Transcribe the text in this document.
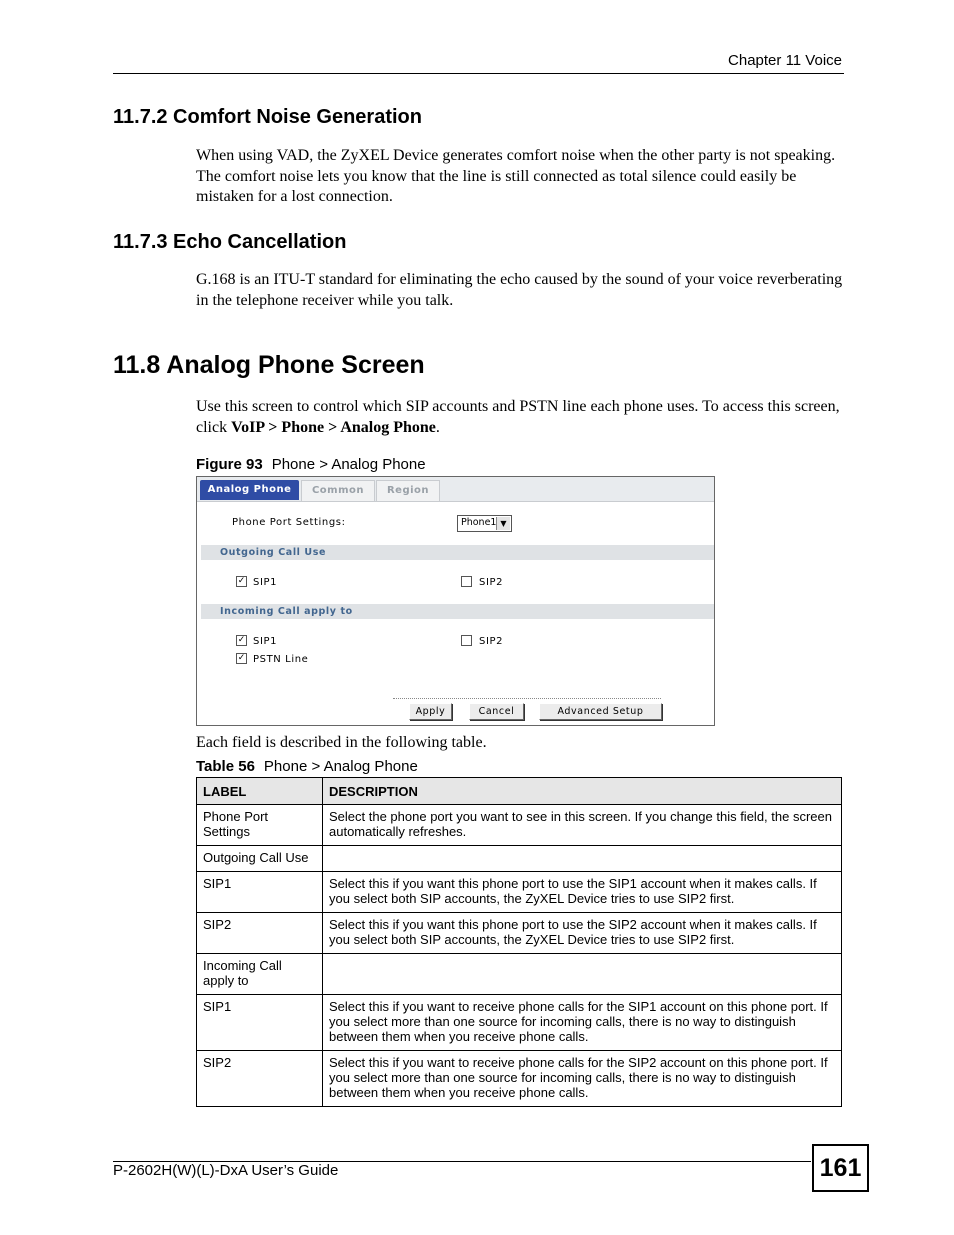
Chapter 11 Voice
11.7.2 Comfort Noise Generation

When using VAD, the ZyXEL Device generates comfort noise when the other party is not speaking. The comfort noise lets you know that the line is still connected as total silence could easily be mistaken for a lost connection.

11.7.3 Echo Cancellation

G.168 is an ITU-T standard for eliminating the echo caused by the sound of your voice reverberating in the telephone receiver while you talk.

11.8 Analog Phone Screen

Use this screen to control which SIP accounts and PSTN line each phone uses. To access this screen, click VoIP > Phone > Analog Phone.

Figure 93 Phone > Analog Phone
Analog Phone	Common	Region
Phone Port Settings:	Phone1 ▼
Outgoing Call Use
✓ SIP1	SIP2
Incoming Call apply to
✓ SIP1	SIP2
✓ PSTN Line
Apply	Cancel	Advanced Setup

Each field is described in the following table.

Table 56 Phone > Analog Phone
LABEL	DESCRIPTION
Phone Port Settings	Select the phone port you want to see in this screen. If you change this field, the screen automatically refreshes.
Outgoing Call Use	
SIP1	Select this if you want this phone port to use the SIP1 account when it makes calls. If you select both SIP accounts, the ZyXEL Device tries to use SIP2 first.
SIP2	Select this if you want this phone port to use the SIP2 account when it makes calls. If you select both SIP accounts, the ZyXEL Device tries to use SIP2 first.
Incoming Call apply to	
SIP1	Select this if you want to receive phone calls for the SIP1 account on this phone port. If you select more than one source for incoming calls, there is no way to distinguish between them when you receive phone calls.
SIP2	Select this if you want to receive phone calls for the SIP2 account on this phone port. If you select more than one source for incoming calls, there is no way to distinguish between them when you receive phone calls.
P-2602H(W)(L)-DxA User’s Guide	161
